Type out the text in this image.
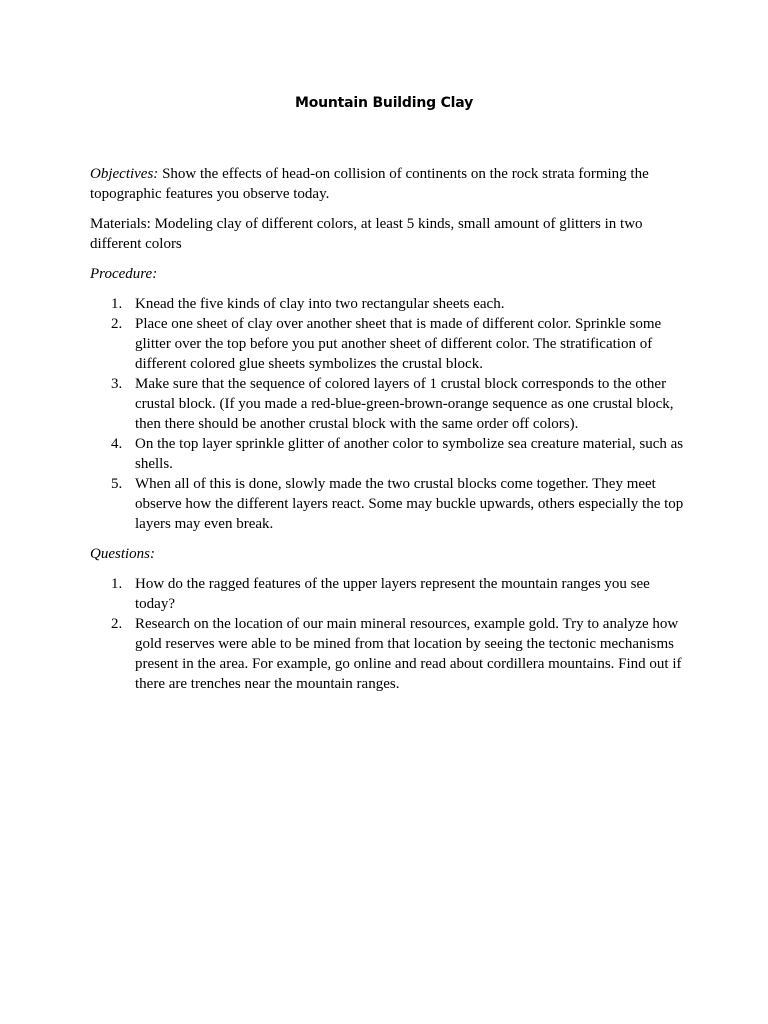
Mountain Building Clay

Objectives: Show the effects of head-on collision of continents on the rock strata forming the topographic features you observe today.

Materials: Modeling clay of different colors, at least 5 kinds, small amount of glitters in two different colors

Procedure:

1. Knead the five kinds of clay into two rectangular sheets each.
2. Place one sheet of clay over another sheet that is made of different color. Sprinkle some glitter over the top before you put another sheet of different color. The stratification of different colored glue sheets symbolizes the crustal block.
3. Make sure that the sequence of colored layers of 1 crustal block corresponds to the other crustal block. (If you made a red-blue-green-brown-orange sequence as one crustal block, then there should be another crustal block with the same order off colors).
4. On the top layer sprinkle glitter of another color to symbolize sea creature material, such as shells.
5. When all of this is done, slowly made the two crustal blocks come together. They meet observe how the different layers react. Some may buckle upwards, others especially the top layers may even break.

Questions:

1. How do the ragged features of the upper layers represent the mountain ranges you see today?
2. Research on the location of our main mineral resources, example gold. Try to analyze how gold reserves were able to be mined from that location by seeing the tectonic mechanisms present in the area. For example, go online and read about cordillera mountains. Find out if there are trenches near the mountain ranges.
